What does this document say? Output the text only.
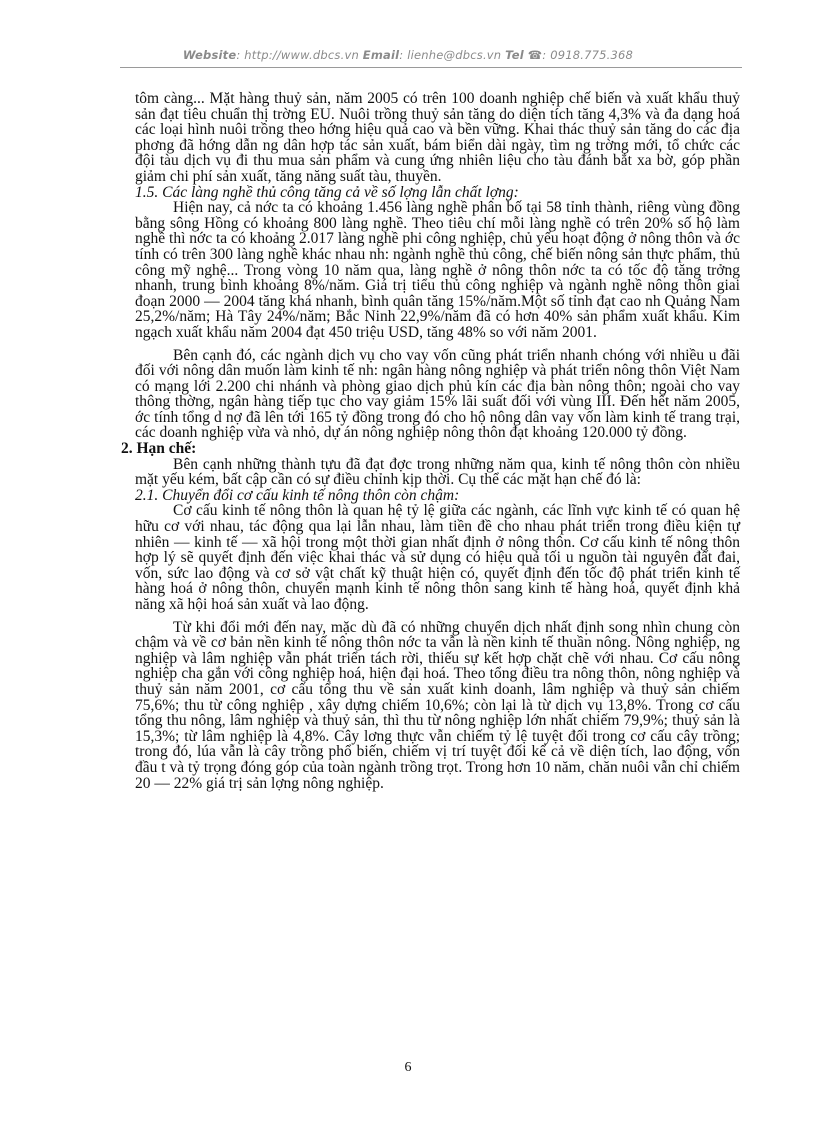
Website: http://www.dbcs.vn Email: lienhe@dbcs.vn Tel ☎: 0918.775.368

tôm càng... Mặt hàng thuỷ sản, năm 2005 có trên 100 doanh nghiệp chế biến và xuất khẩu thuỷ sản đạt tiêu chuẩn thị trờng EU. Nuôi trồng thuỷ sản tăng do diện tích tăng 4,3% và đa dạng hoá các loại hình nuôi trồng theo hớng hiệu quả cao và bền vững. Khai thác thuỷ sản tăng do các địa phơng đã hớng dẫn ng dân hợp tác sản xuất, bám biển dài ngày, tìm ng trờng mới, tổ chức các đội tàu dịch vụ đi thu mua sản phẩm và cung ứng nhiên liệu cho tàu đánh bắt xa bờ, góp phần giảm chi phí sản xuất, tăng năng suất tàu, thuyền.

1.5. Các làng nghề thủ công tăng cả về số lợng lẫn chất lợng:

Hiện nay, cả nớc ta có khoảng 1.456 làng nghề phân bố tại 58 tỉnh thành, riêng vùng đồng bằng sông Hồng có khoảng 800 làng nghề. Theo tiêu chí mỗi làng nghề có trên 20% số hộ làm nghề thì nớc ta có khoảng 2.017 làng nghề phi công nghiệp, chủ yếu hoạt động ở nông thôn và ớc tính có trên 300 làng nghề khác nhau nh: ngành nghề thủ công, chế biến nông sản thực phẩm, thủ công mỹ nghệ... Trong vòng 10 năm qua, làng nghề ở nông thôn nớc ta có tốc độ tăng trởng nhanh, trung bình khoảng 8%/năm. Giá trị tiểu thủ công nghiệp và ngành nghề nông thôn giai đoạn 2000 — 2004 tăng khá nhanh, bình quân tăng 15%/năm.Một số tỉnh đạt cao nh Quảng Nam 25,2%/năm; Hà Tây 24%/năm; Bắc Ninh 22,9%/năm đã có hơn 40% sản phẩm xuất khẩu. Kim ngạch xuất khẩu năm 2004 đạt 450 triệu USD, tăng 48% so với năm 2001.

Bên cạnh đó, các ngành dịch vụ cho vay vốn cũng phát triển nhanh chóng với nhiều u đãi đối với nông dân muốn làm kinh tế nh: ngân hàng nông nghiệp và phát triển nông thôn Việt Nam có mạng lới 2.200 chi nhánh và phòng giao dịch phủ kín các địa bàn nông thôn; ngoài cho vay thông thờng, ngân hàng tiếp tục cho vay giảm 15% lãi suất đối với vùng III. Đến hết năm 2005, ớc tính tổng d nợ đã lên tới 165 tỷ đồng trong đó cho hộ nông dân vay vốn làm kinh tế trang trại, các doanh nghiệp vừa và nhỏ, dự án nông nghiệp nông thôn đạt khoảng 120.000 tỷ đồng.

2. Hạn chế:

Bên cạnh những thành tựu đã đạt đợc trong những năm qua, kinh tế nông thôn còn nhiều mặt yếu kém, bất cập cần có sự điều chỉnh kịp thời. Cụ thể các mặt hạn chế đó là:

2.1. Chuyển đổi cơ cấu kinh tế nông thôn còn chậm:

Cơ cấu kinh tế nông thôn là quan hệ tỷ lệ giữa các ngành, các lĩnh vực kinh tế có quan hệ hữu cơ với nhau, tác động qua lại lẫn nhau, làm tiền đề cho nhau phát triển trong điều kiện tự nhiên — kinh tế — xã hội trong một thời gian nhất định ở nông thôn. Cơ cấu kinh tế nông thôn hợp lý sẽ quyết định đến việc khai thác và sử dụng có hiệu quả tối u nguồn tài nguyên đất đai, vốn, sức lao động và cơ sở vật chất kỹ thuật hiện có, quyết định đến tốc độ phát triển kinh tế hàng hoá ở nông thôn, chuyển mạnh kinh tế nông thôn sang kinh tế hàng hoá, quyết định khả năng xã hội hoá sản xuất và lao động.

Từ khi đổi mới đến nay, mặc dù đã có những chuyển dịch nhất định song nhìn chung còn chậm và về cơ bản nền kinh tế nông thôn nớc ta vẫn là nền kinh tế thuần nông. Nông nghiệp, ng nghiệp và lâm nghiệp vẫn phát triển tách rời, thiếu sự kết hợp chặt chẽ với nhau. Cơ cấu nông nghiệp cha gắn với công nghiệp hoá, hiện đại hoá. Theo tổng điều tra nông thôn, nông nghiệp và thuỷ sản năm 2001, cơ cấu tổng thu về sản xuất kinh doanh, lâm nghiệp và thuỷ sản chiếm 75,6%; thu từ công nghiệp , xây dựng chiếm 10,6%; còn lại là từ dịch vụ 13,8%. Trong cơ cấu tổng thu nông, lâm nghiệp và thuỷ sản, thì thu từ nông nghiệp lớn nhất chiếm 79,9%; thuỷ sản là 15,3%; từ lâm nghiệp là 4,8%. Cây lơng thực vẫn chiếm tỷ lệ tuyệt đối trong cơ cấu cây trồng; trong đó, lúa vẫn là cây trồng phổ biến, chiếm vị trí tuyệt đối kể cả về diện tích, lao động, vốn đầu t và tỷ trọng đóng góp của toàn ngành trồng trọt. Trong hơn 10 năm, chăn nuôi vẫn chỉ chiếm 20 — 22% giá trị sản lợng nông nghiệp.

6
